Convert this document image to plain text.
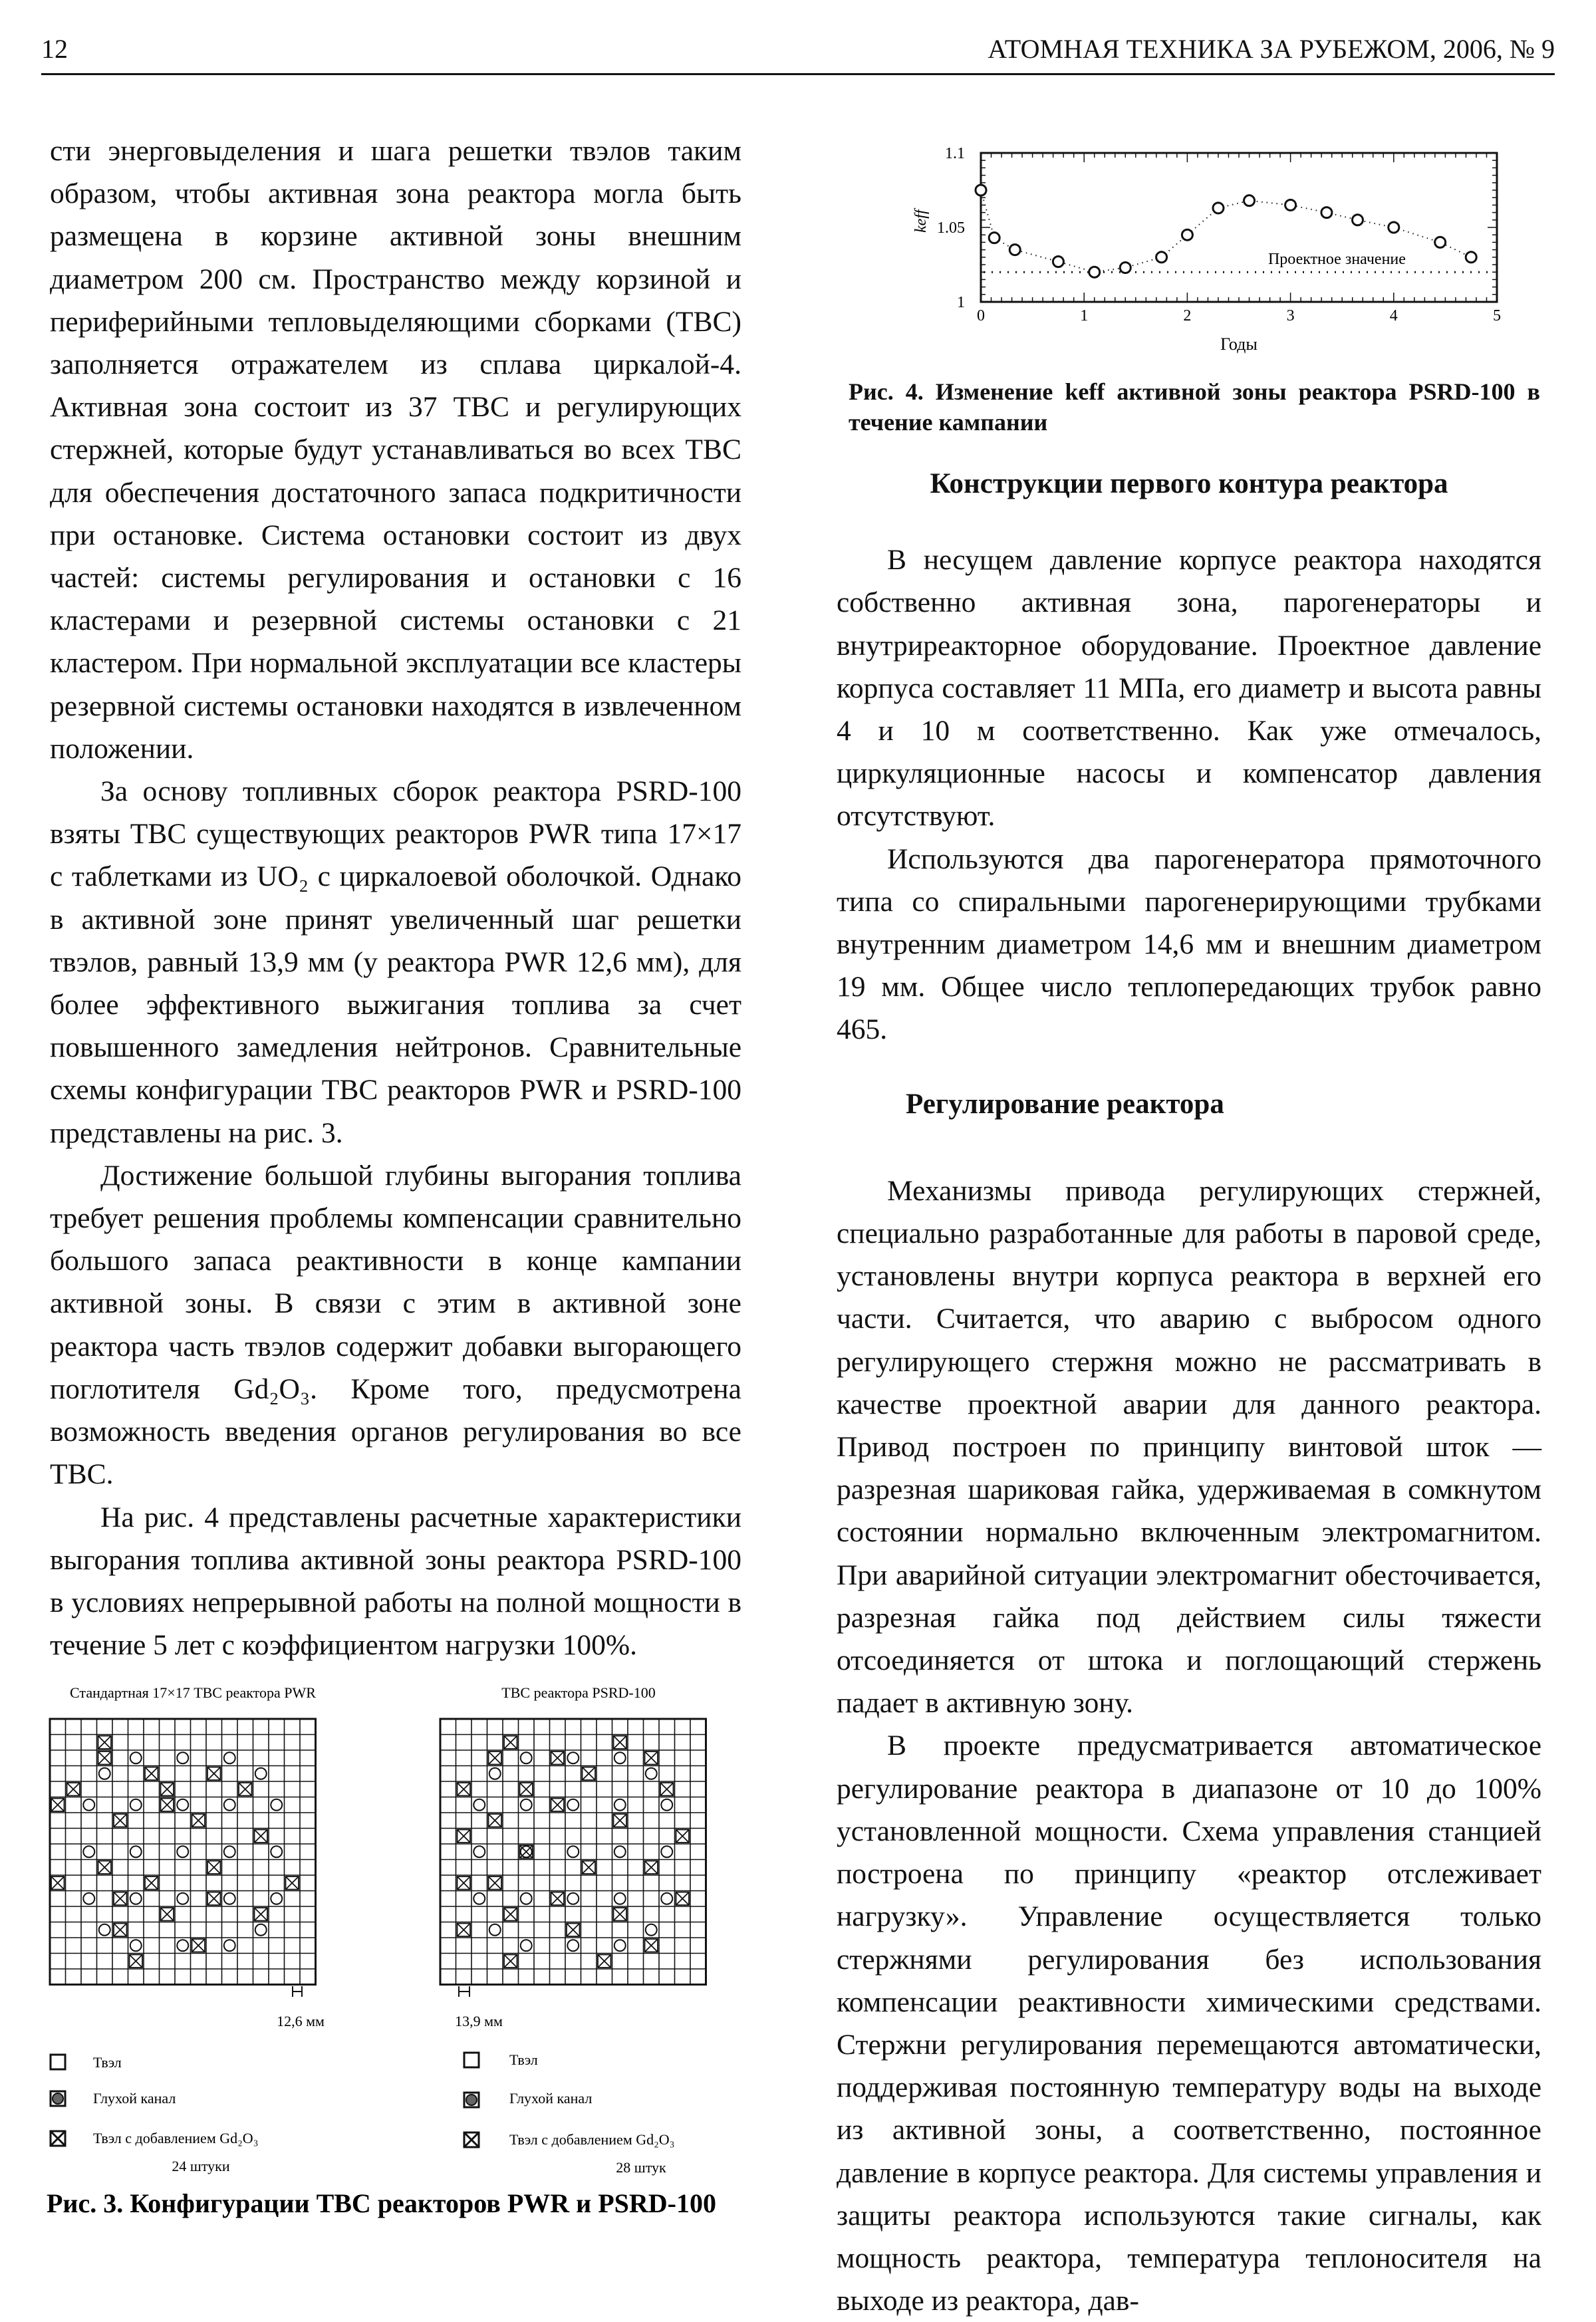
12	АТОМНАЯ ТЕХНИКА ЗА РУБЕЖОМ, 2006, № 9

сти энерговыделения и шага решетки твэлов таким образом, чтобы активная зона реактора могла быть размещена в корзине активной зоны внешним диаметром 200 см. Пространство между корзиной и периферийными тепловыделяющими сборками (ТВС) заполняется отражателем из сплава циркалой-4. Активная зона состоит из 37 ТВС и регулирующих стержней, которые будут устанавливаться во всех ТВС для обеспечения достаточного запаса подкритичности при остановке. Система остановки состоит из двух частей: системы регулирования и остановки с 16 кластерами и резервной системы остановки с 21 кластером. При нормальной эксплуатации все кластеры резервной системы остановки находятся в извлеченном положении.

За основу топливных сборок реактора PSRD-100 взяты ТВС существующих реакторов PWR типа 17×17 с таблетками из UO₂ с циркалоевой оболочкой. Однако в активной зоне принят увеличенный шаг решетки твэлов, равный 13,9 мм (у реактора PWR 12,6 мм), для более эффективного выжигания топлива за счет повышенного замедления нейтронов. Сравнительные схемы конфигурации ТВС реакторов PWR и PSRD-100 представлены на рис. 3.

Достижение большой глубины выгорания топлива требует решения проблемы компенсации сравнительно большого запаса реактивности в конце кампании активной зоны. В связи с этим в активной зоне реактора часть твэлов содержит добавки выгорающего поглотителя Gd₂O₃. Кроме того, предусмотрена возможность введения органов регулирования во все ТВС.

На рис. 4 представлены расчетные характеристики выгорания топлива активной зоны реактора PSRD-100 в условиях непрерывной работы на полной мощности в течение 5 лет с коэффициентом нагрузки 100%.

Стандартная 17×17 ТВС реактора PWR	ТВС реактора PSRD-100
12,6 мм	13,9 мм
Твэл
Глухой канал
Твэл с добавлением Gd₂O₃
24 штуки
Твэл
Глухой канал
Твэл с добавлением Gd₂O₃
28 штук
Рис. 3. Конфигурации ТВС реакторов PWR и PSRD-100
0	1	2	3	4	5
1
1.05
1.1
Проектное значение
keff
Годы
Рис. 4. Изменение keff активной зоны реактора PSRD-100 в течение кампании

Конструкции первого контура реактора

В несущем давление корпусе реактора находятся собственно активная зона, парогенераторы и внутриреакторное оборудование. Проектное давление корпуса составляет 11 МПа, его диаметр и высота равны 4 и 10 м соответственно. Как уже отмечалось, циркуляционные насосы и компенсатор давления отсутствуют.

Используются два парогенератора прямоточного типа со спиральными парогенерирующими трубками внутренним диаметром 14,6 мм и внешним диаметром 19 мм. Общее число теплопередающих трубок равно 465.

Регулирование реактора

Механизмы привода регулирующих стержней, специально разработанные для работы в паровой среде, установлены внутри корпуса реактора в верхней его части. Считается, что аварию с выбросом одного регулирующего стержня можно не рассматривать в качестве проектной аварии для данного реактора. Привод построен по принципу винтовой шток — разрезная шариковая гайка, удерживаемая в сомкнутом состоянии нормально включенным электромагнитом. При аварийной ситуации электромагнит обесточивается, разрезная гайка под действием силы тяжести отсоединяется от штока и поглощающий стержень падает в активную зону.

В проекте предусматривается автоматическое регулирование реактора в диапазоне от 10 до 100% установленной мощности. Схема управления станцией построена по принципу «реактор отслеживает нагрузку». Управление осуществляется только стержнями регулирования без использования компенсации реактивности химическими средствами. Стержни регулирования перемещаются автоматически, поддерживая постоянную температуру воды на выходе из активной зоны, а соответственно, постоянное давление в корпусе реактора. Для системы управления и защиты реактора используются такие сигналы, как мощность реактора, температура теплоносителя на выходе из реактора, дав-
